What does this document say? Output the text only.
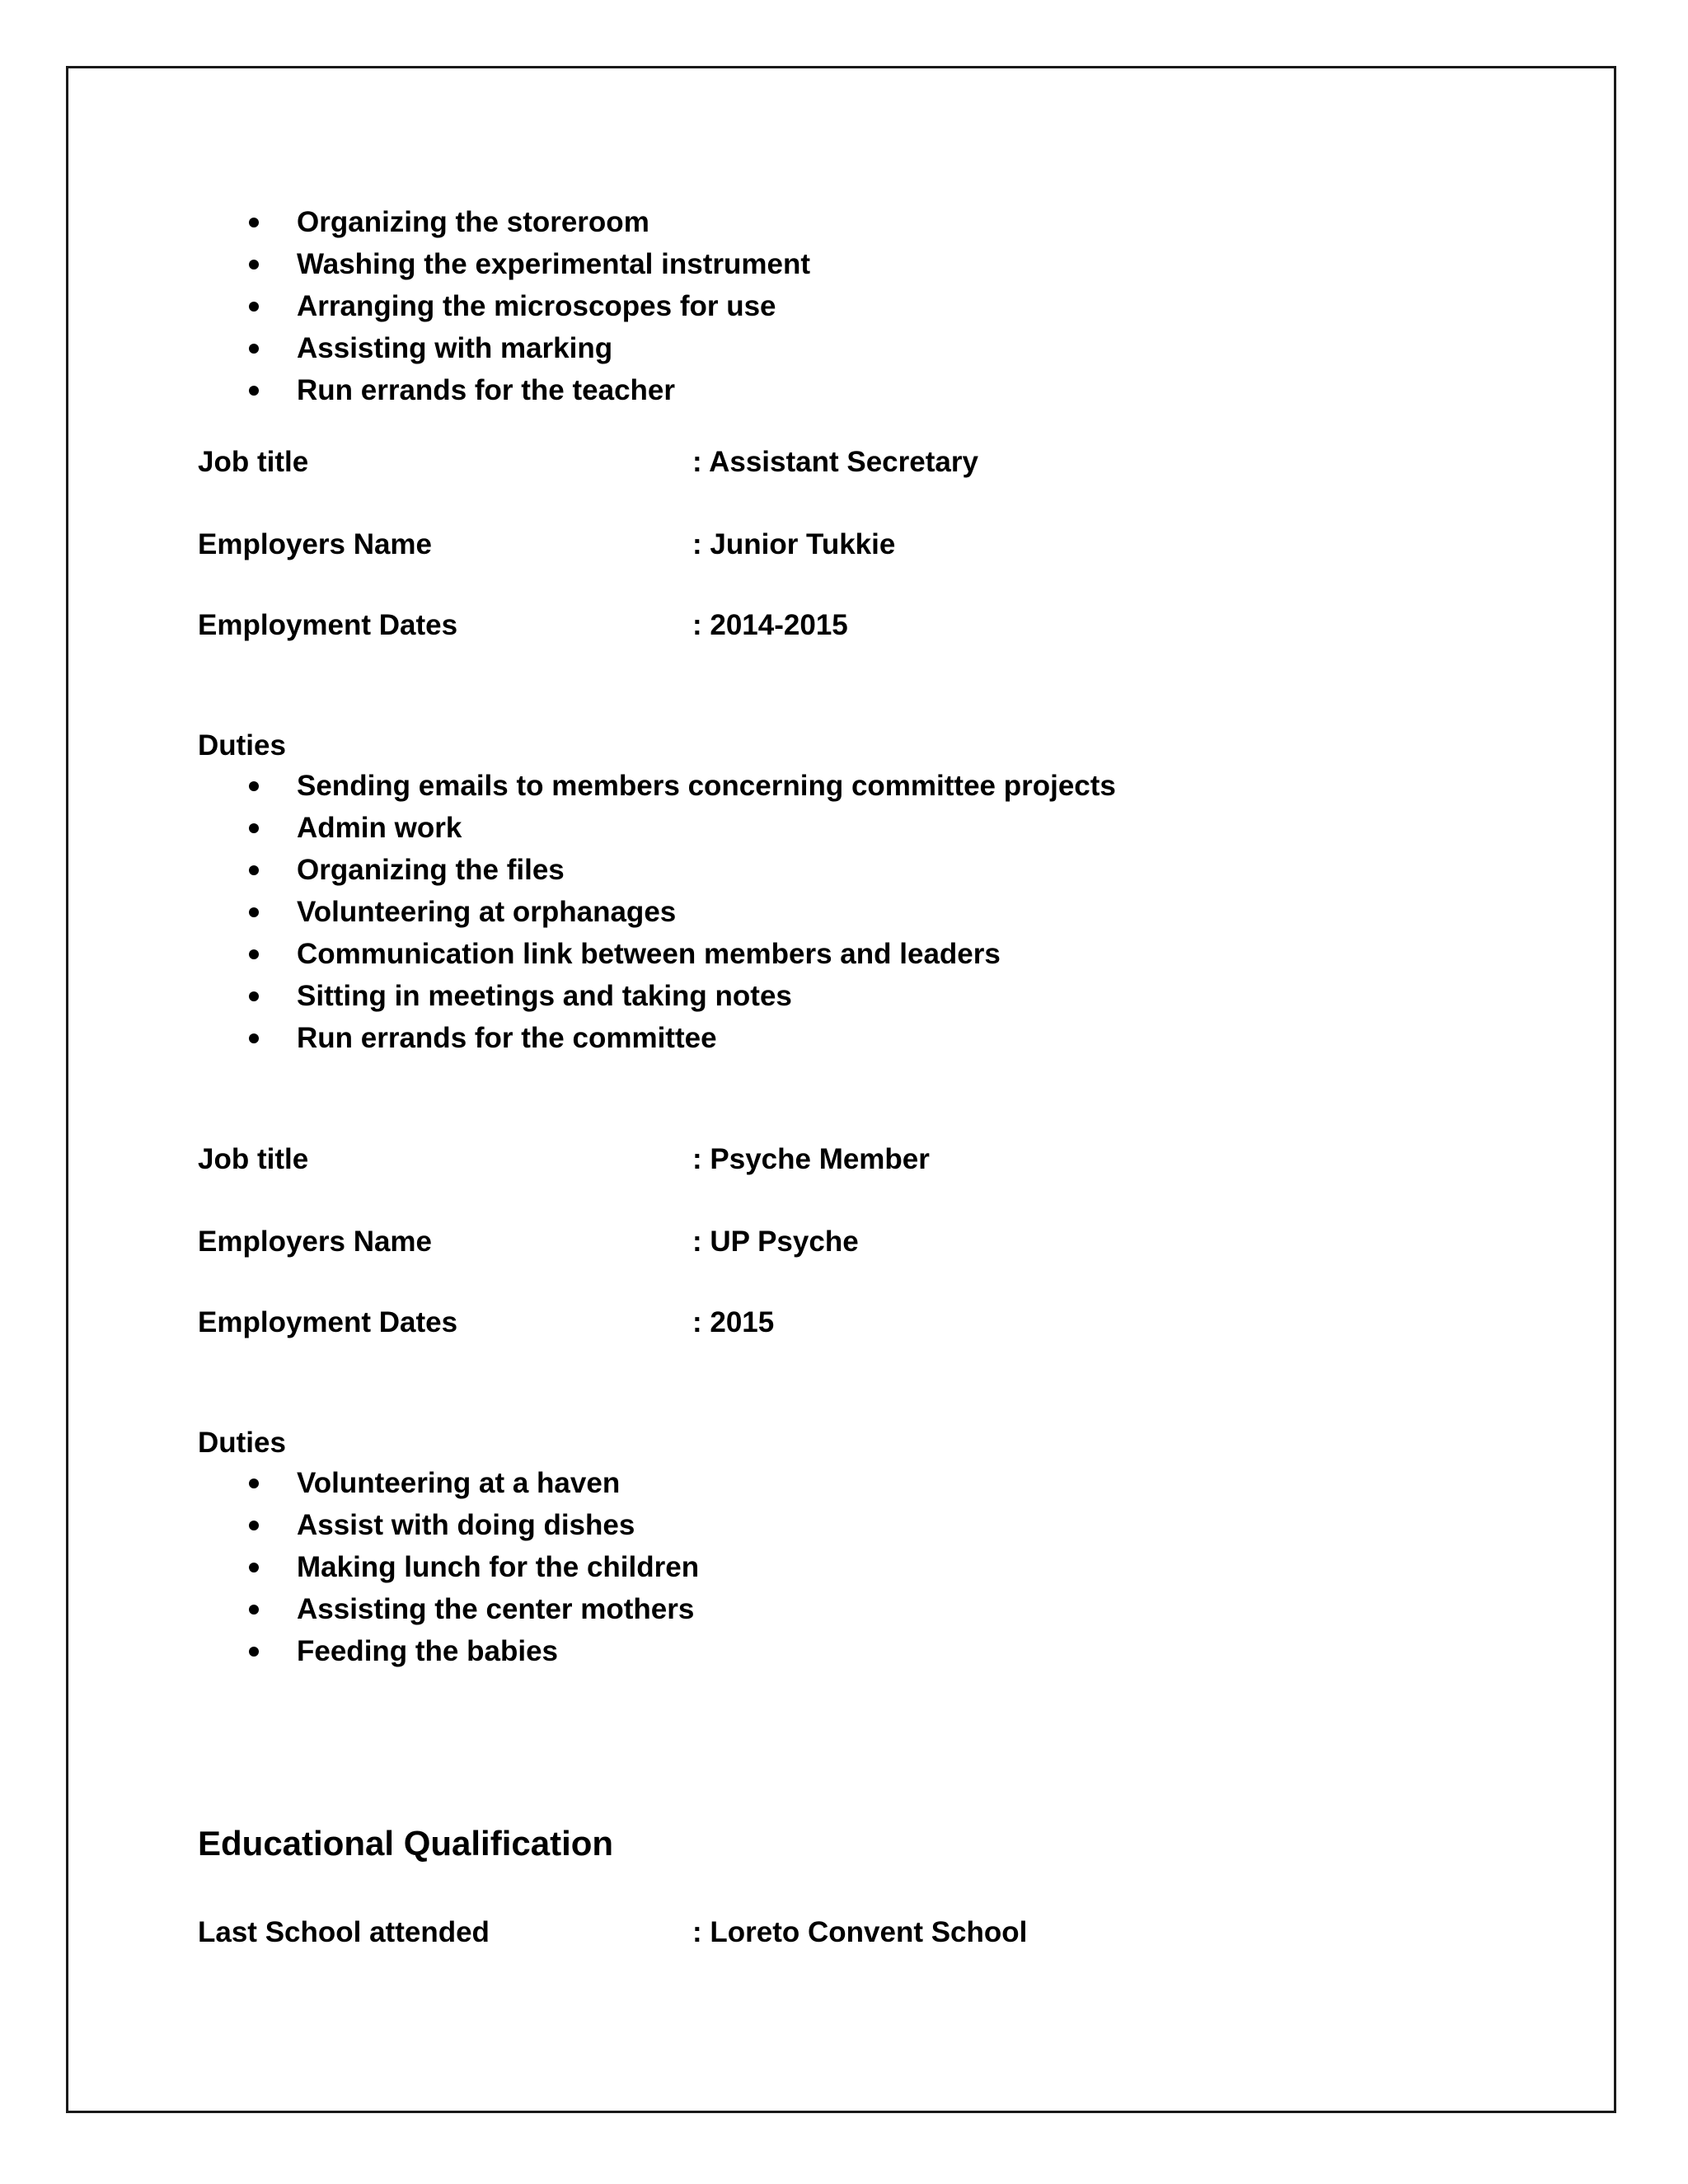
Organizing the storeroom
Washing the experimental instrument
Arranging the microscopes for use
Assisting with marking
Run errands for the teacher
Job title	: Assistant Secretary
Employers Name	: Junior Tukkie
Employment Dates	: 2014-2015
Duties
Sending emails to members concerning committee projects
Admin work
Organizing the files
Volunteering at orphanages
Communication link between members and leaders
Sitting in meetings and taking notes
Run errands for the committee
Job title	: Psyche Member
Employers Name	: UP Psyche
Employment Dates	: 2015
Duties
Volunteering at a haven
Assist with doing dishes
Making lunch for the children
Assisting the center mothers
Feeding the babies
Educational Qualification
Last School attended	: Loreto Convent School
